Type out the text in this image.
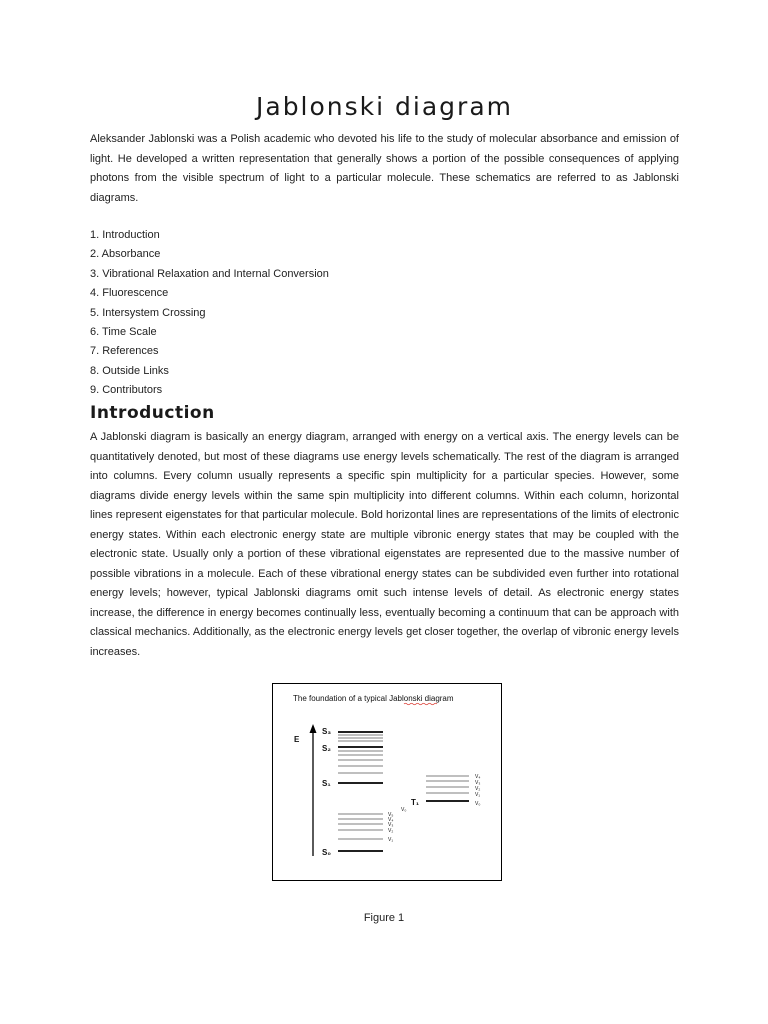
Jablonski diagram

Aleksander Jablonski was a Polish academic who devoted his life to the study of molecular absorbance and emission of light. He developed a written representation that generally shows a portion of the possible consequences of applying photons from the visible spectrum of light to a particular molecule. These schematics are referred to as Jablonski diagrams.

1. Introduction
2. Absorbance
3. Vibrational Relaxation and Internal Conversion
4. Fluorescence
5. Intersystem Crossing
6. Time Scale
7. References
8. Outside Links
9. Contributors
Introduction

A Jablonski diagram is basically an energy diagram, arranged with energy on a vertical axis. The energy levels can be quantitatively denoted, but most of these diagrams use energy levels schematically. The rest of the diagram is arranged into columns. Every column usually represents a specific spin multiplicity for a particular species. However, some diagrams divide energy levels within the same spin multiplicity into different columns. Within each column, horizontal lines represent eigenstates for that particular molecule. Bold horizontal lines are representations of the limits of electronic energy states. Within each electronic energy state are multiple vibronic energy states that may be coupled with the electronic state. Usually only a portion of these vibrational eigenstates are represented due to the massive number of possible vibrations in a molecule. Each of these vibrational energy states can be subdivided even further into rotational energy levels; however, typical Jablonski diagrams omit such intense levels of detail. As electronic energy states increase, the difference in energy becomes continually less, eventually becoming a continuum that can be approach with classical mechanics. Additionally, as the electronic energy levels get closer together, the overlap of vibronic energy levels increases.

The foundation of a typical Jablonski diagram
E
S₃
S₂
S₁
S₀
T₁
V₅
V₄
V₃
V₂
V₁
V₄
V₃
V₂
V₁
V₀
V₀
Figure 1
